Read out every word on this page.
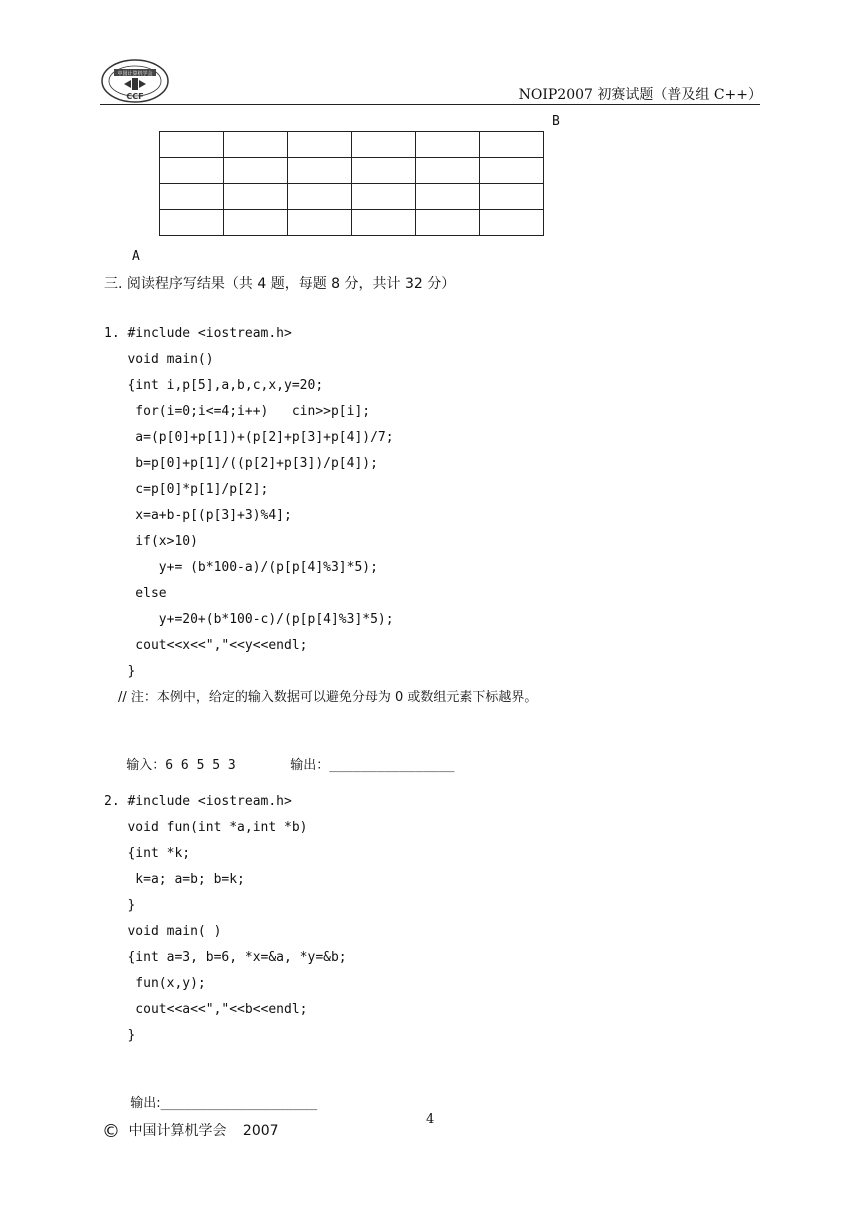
中国计算机学会
CCF	NOIP2007 初赛试题（普及组 C++）
B

A
三. 阅读程序写结果（共 4 题，每题 8 分，共计 32 分）
1. #include <iostream.h>
void main()
{int i,p[5],a,b,c,x,y=20;
for(i=0;i<=4;i++)   cin>>p[i];
a=(p[0]+p[1])+(p[2]+p[3]+p[4])/7;
b=p[0]+p[1]/((p[2]+p[3])/p[4]);
c=p[0]*p[1]/p[2];
x=a+b-p[(p[3]+3)%4];
if(x>10)
y+= (b*100-a)/(p[p[4]%3]*5);
else
y+=20+(b*100-c)/(p[p[4]%3]*5);
cout<<x<<","<<y<<endl;
}
// 注：本例中，给定的输入数据可以避免分母为 0 或数组元素下标越界。

输入：6 6 5 5 3	输出：________________

2. #include <iostream.h>
void fun(int *a,int *b)
{int *k;
k=a; a=b; b=k;
}
void main( )
{int a=3, b=6, *x=&a, *y=&b;
fun(x,y);
cout<<a<<","<<b<<endl;
}

输出:____________________

4
© 中国计算机学会 2007
